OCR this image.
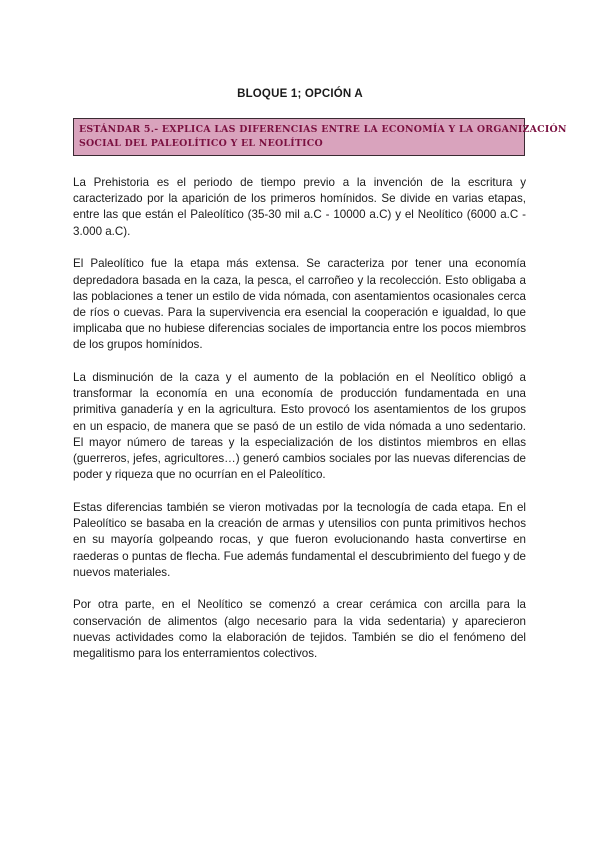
BLOQUE 1; OPCIÓN A
ESTÁNDAR 5.- EXPLICA LAS DIFERENCIAS ENTRE LA ECONOMÍA Y LA ORGANIZACIÓN
SOCIAL DEL PALEOLÍTICO Y EL NEOLÍTICO

La Prehistoria es el periodo de tiempo previo a la invención de la escritura y caracterizado por la aparición de los primeros homínidos. Se divide en varias etapas, entre las que están el Paleolítico (35-30 mil a.C - 10000 a.C) y el Neolítico (6000 a.C - 3.000 a.C).

El Paleolítico fue la etapa más extensa. Se caracteriza por tener una economía depredadora basada en la caza, la pesca, el carroñeo y la recolección. Esto obligaba a las poblaciones a tener un estilo de vida nómada, con asentamientos ocasionales cerca de ríos o cuevas. Para la supervivencia era esencial la cooperación e igualdad, lo que implicaba que no hubiese diferencias sociales de importancia entre los pocos miembros de los grupos homínidos.

La disminución de la caza y el aumento de la población en el Neolítico obligó a transformar la economía en una economía de producción fundamentada en una primitiva ganadería y en la agricultura. Esto provocó los asentamientos de los grupos en un espacio, de manera que se pasó de un estilo de vida nómada a uno sedentario. El mayor número de tareas y la especialización de los distintos miembros en ellas (guerreros, jefes, agricultores…) generó cambios sociales por las nuevas diferencias de poder y riqueza que no ocurrían en el Paleolítico.

Estas diferencias también se vieron motivadas por la tecnología de cada etapa. En el Paleolítico se basaba en la creación de armas y utensilios con punta primitivos hechos en su mayoría golpeando rocas, y que fueron evolucionando hasta convertirse en raederas o puntas de flecha. Fue además fundamental el descubrimiento del fuego y de nuevos materiales.

Por otra parte, en el Neolítico se comenzó a crear cerámica con arcilla para la conservación de alimentos (algo necesario para la vida sedentaria) y aparecieron nuevas actividades como la elaboración de tejidos. También se dio el fenómeno del megalitismo para los enterramientos colectivos.
